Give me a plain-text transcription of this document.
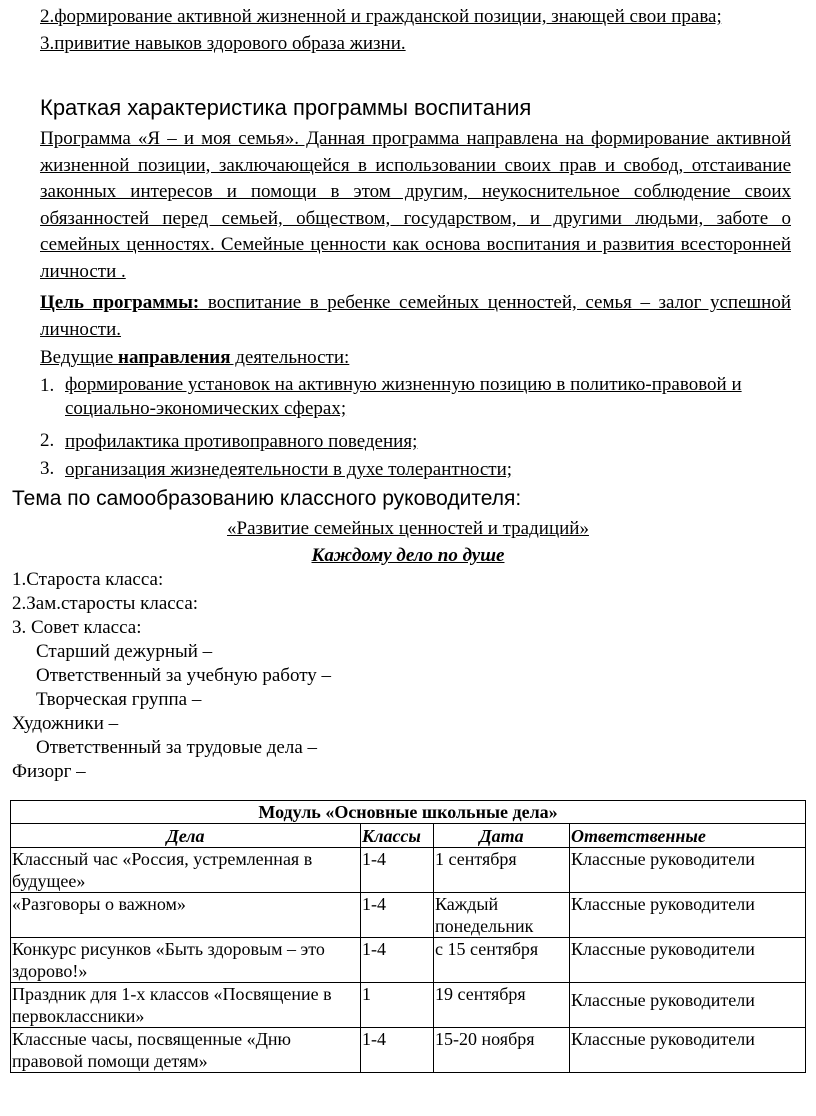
2.формирование активной жизненной и гражданской позиции, знающей свои права;
3.привитие навыков здорового образа жизни.
Краткая характеристика программы воспитания
Программа «Я – и моя семья». Данная программа направлена на формирование активной жизненной позиции, заключающейся в использовании своих прав и свобод, отстаивание законных интересов и помощи в этом другим, неукоснительное соблюдение своих обязанностей перед семьей, обществом, государством, и другими людьми, заботе о семейных ценностях. Семейные ценности как основа воспитания и развития всесторонней личности .
Цель программы: воспитание в ребенке семейных ценностей, семья – залог успешной личности.
Ведущие направления деятельности:
1. формирование установок на активную жизненную позицию в политико-правовой и социально-экономических сферах;
2. профилактика противоправного поведения;
3. организация жизнедеятельности в духе толерантности;
Тема по самообразованию классного руководителя:
«Развитие семейных ценностей и традиций»
Каждому дело по душе
1.Староста класса:
2.Зам.старосты класса:
3. Совет класса:
Старший дежурный –
Ответственный за учебную работу –
Творческая группа –
Художники –
Ответственный за трудовые дела –
Физорг –
Модуль «Основные школьные дела»			
Дела	Классы	Дата	Ответственные
Классный час «Россия, устремленная в будущее»	1-4	1 сентября	Классные руководители
«Разговоры о важном»	1-4	Каждый понедельник	Классные руководители
Конкурс рисунков «Быть здоровым – это здорово!»	1-4	с 15 сентября	Классные руководители
Праздник для 1-х классов «Посвящение в первоклассники»	1	19 сентября	Классные руководители
Классные часы, посвященные «Дню правовой помощи детям»	1-4	15-20 ноября	Классные руководители
